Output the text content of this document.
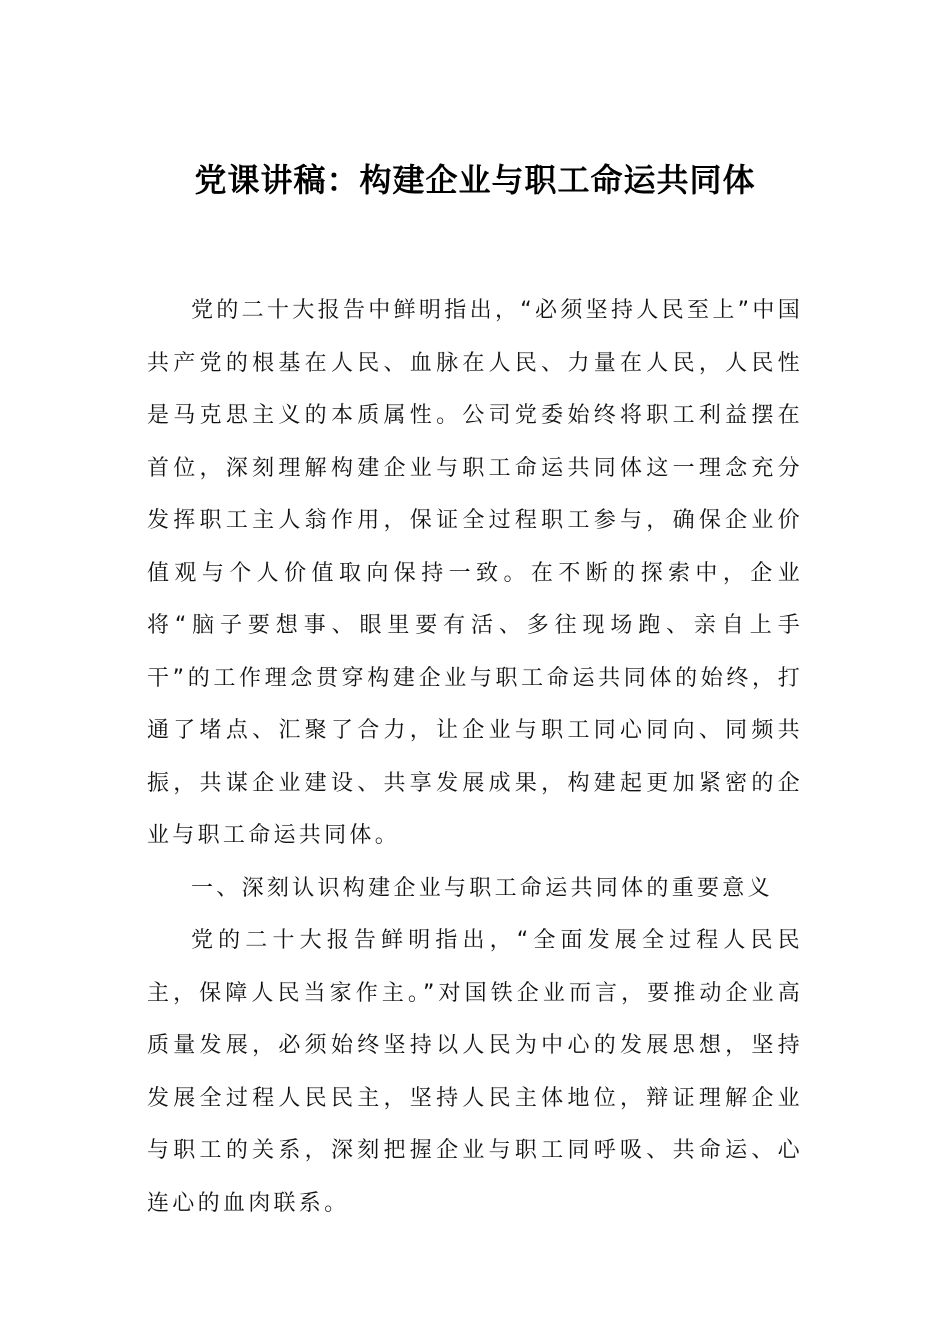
党课讲稿：构建企业与职工命运共同体

党的二十大报告中鲜明指出，“必须坚持人民至上”中国共产党的根基在人民、血脉在人民、力量在人民，人民性是马克思主义的本质属性。公司党委始终将职工利益摆在首位，深刻理解构建企业与职工命运共同体这一理念充分发挥职工主人翁作用，保证全过程职工参与，确保企业价值观与个人价值取向保持一致。在不断的探索中，企业将“脑子要想事、眼里要有活、多往现场跑、亲自上手干”的工作理念贯穿构建企业与职工命运共同体的始终，打通了堵点、汇聚了合力，让企业与职工同心同向、同频共振，共谋企业建设、共享发展成果，构建起更加紧密的企业与职工命运共同体。

一、深刻认识构建企业与职工命运共同体的重要意义

党的二十大报告鲜明指出，“全面发展全过程人民民主，保障人民当家作主。”对国铁企业而言，要推动企业高质量发展，必须始终坚持以人民为中心的发展思想，坚持发展全过程人民民主，坚持人民主体地位，辩证理解企业与职工的关系，深刻把握企业与职工同呼吸、共命运、心连心的血肉联系。
